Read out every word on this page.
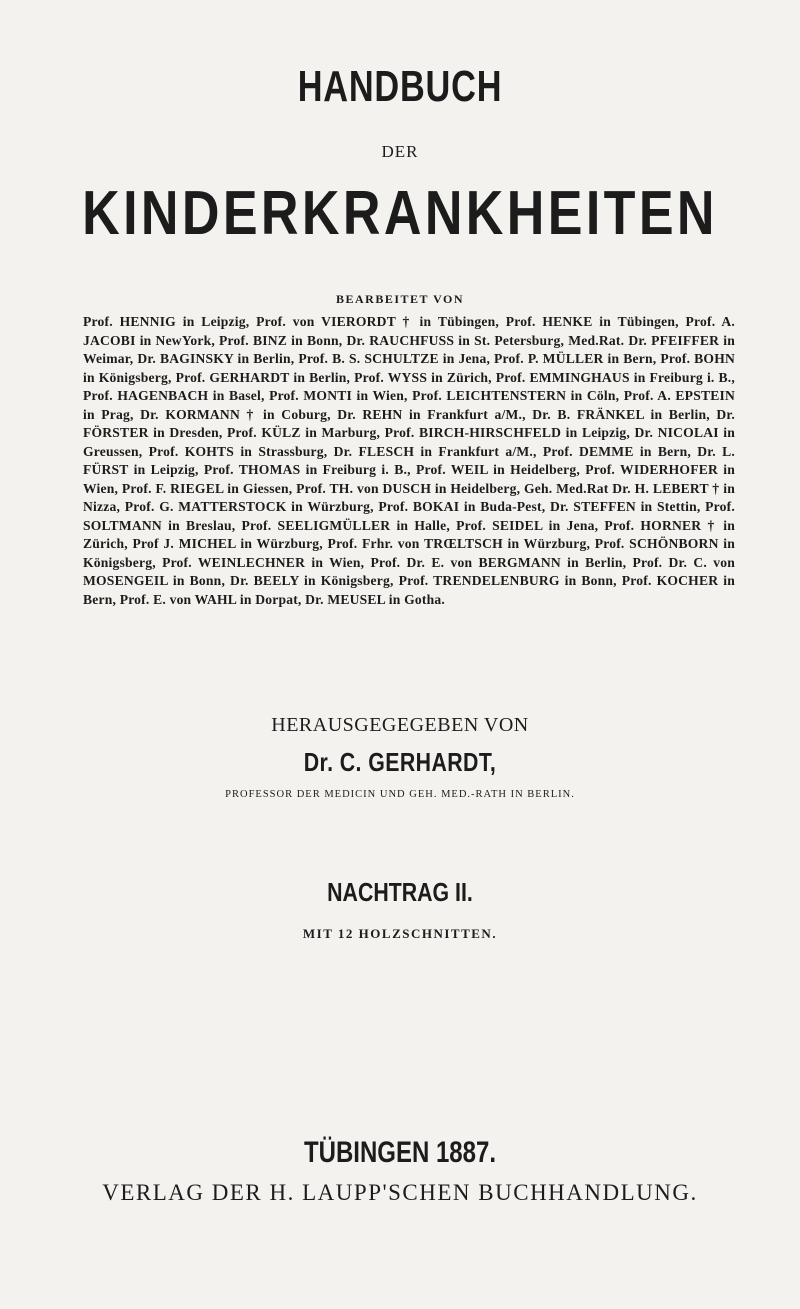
HANDBUCH
DER
KINDERKRANKHEITEN
BEARBEITET VON
Prof. HENNIG in Leipzig, Prof. von VIERORDT † in Tübingen, Prof. HENKE in Tübingen, Prof. A. JACOBI in NewYork, Prof. BINZ in Bonn, Dr. RAUCHFUSS in St. Petersburg, Med.Rat. Dr. PFEIFFER in Weimar, Dr. BAGINSKY in Berlin, Prof. B. S. SCHULTZE in Jena, Prof. P. MÜLLER in Bern, Prof. BOHN in Königsberg, Prof. GERHARDT in Berlin, Prof. WYSS in Zürich, Prof. EMMINGHAUS in Freiburg i. B., Prof. HAGENBACH in Basel, Prof. MONTI in Wien, Prof. LEICHTENSTERN in Cöln, Prof. A. EPSTEIN in Prag, Dr. KORMANN † in Coburg, Dr. REHN in Frankfurt a/M., Dr. B. FRÄNKEL in Berlin, Dr. FÖRSTER in Dresden, Prof. KÜLZ in Marburg, Prof. BIRCH-HIRSCHFELD in Leipzig, Dr. NICOLAI in Greussen, Prof. KOHTS in Strassburg, Dr. FLESCH in Frankfurt a/M., Prof. DEMME in Bern, Dr. L. FÜRST in Leipzig, Prof. THOMAS in Freiburg i. B., Prof. WEIL in Heidelberg, Prof. WIDERHOFER in Wien, Prof. F. RIEGEL in Giessen, Prof. TH. von DUSCH in Heidelberg, Geh. Med.Rat Dr. H. LEBERT † in Nizza, Prof. G. MATTERSTOCK in Würzburg, Prof. BOKAI in Buda-Pest, Dr. STEFFEN in Stettin, Prof. SOLTMANN in Breslau, Prof. SEELIGMÜLLER in Halle, Prof. SEIDEL in Jena, Prof. HORNER † in Zürich, Prof J. MICHEL in Würzburg, Prof. Frhr. von TRŒLTSCH in Würzburg, Prof. SCHÖNBORN in Königsberg, Prof. WEINLECHNER in Wien, Prof. Dr. E. von BERGMANN in Berlin, Prof. Dr. C. von MOSENGEIL in Bonn, Dr. BEELY in Königsberg, Prof. TRENDELENBURG in Bonn, Prof. KOCHER in Bern, Prof. E. von WAHL in Dorpat, Dr. MEUSEL in Gotha.
HERAUSGEGEGEBEN VON
Dr. C. GERHARDT,
PROFESSOR DER MEDICIN UND GEH. MED.-RATH IN BERLIN.
NACHTRAG II.
MIT 12 HOLZSCHNITTEN.
TÜBINGEN 1887.
VERLAG DER H. LAUPP'SCHEN BUCHHANDLUNG.
